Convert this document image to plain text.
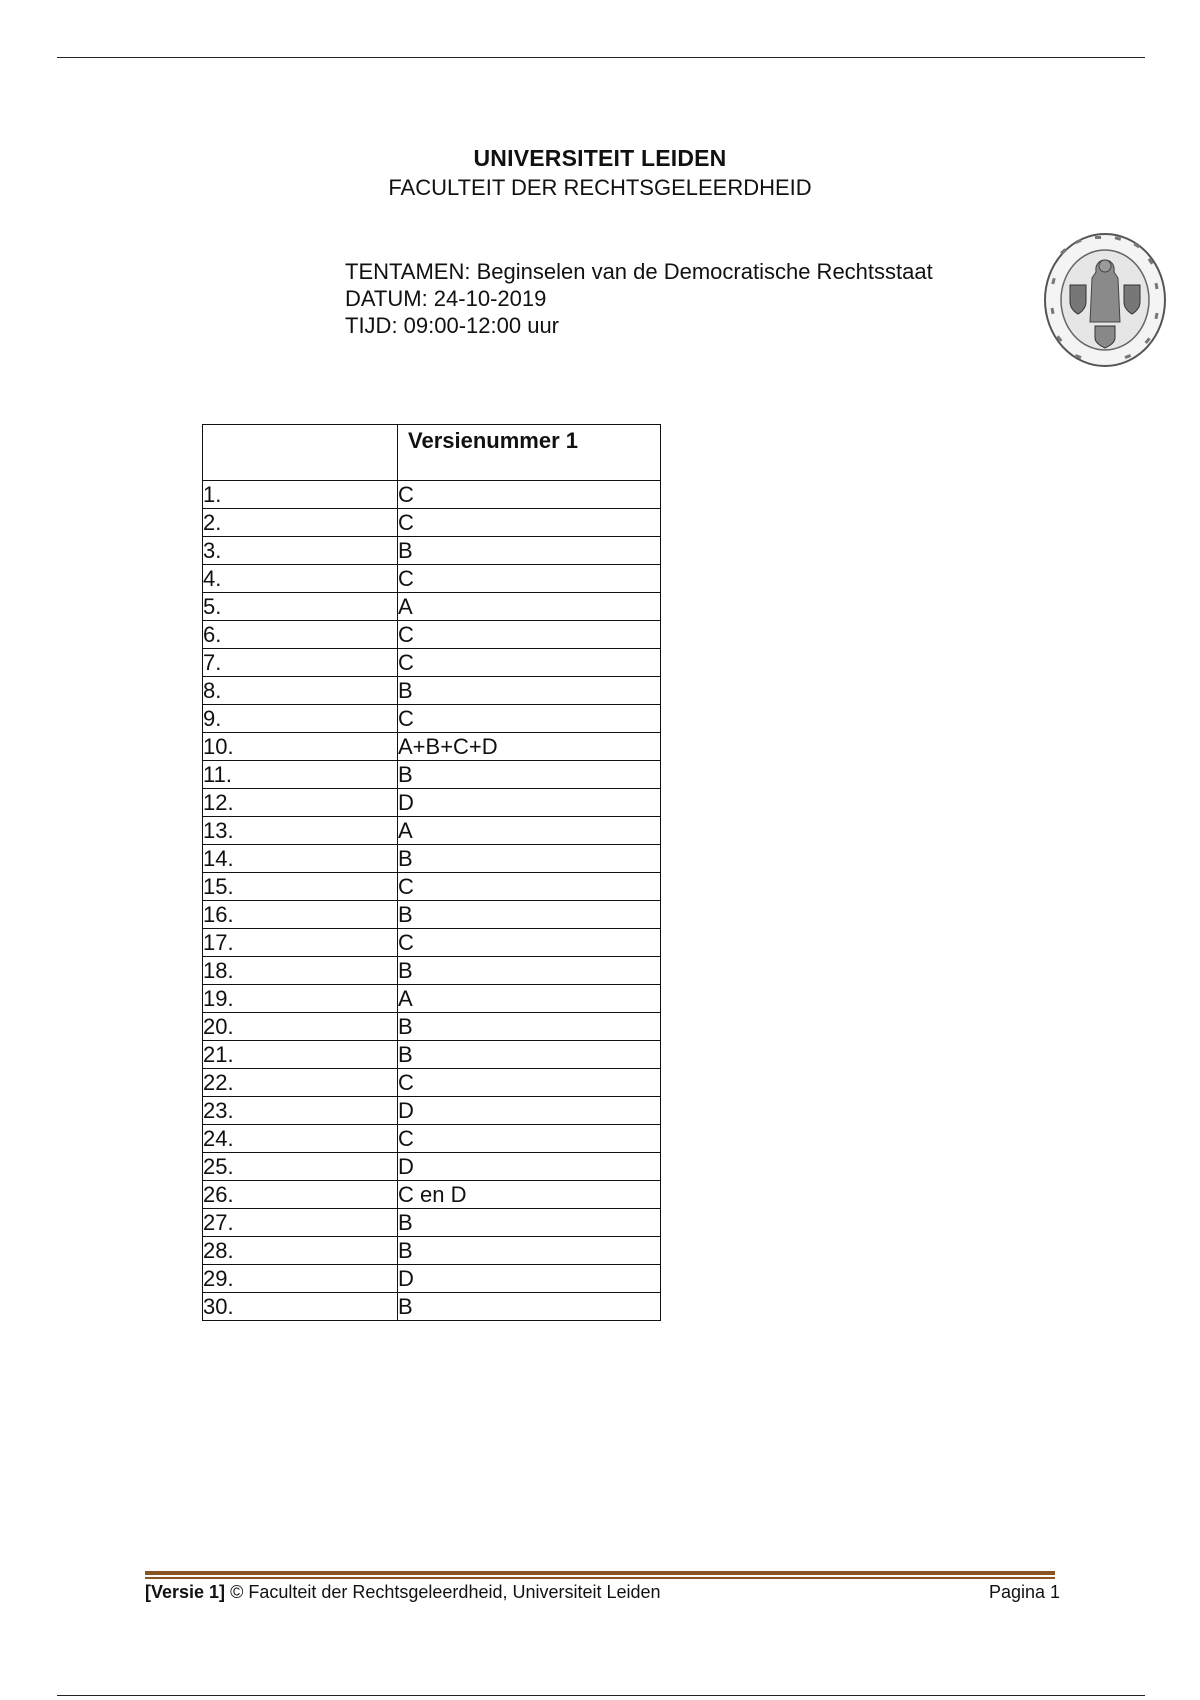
UNIVERSITEIT LEIDEN
FACULTEIT DER RECHTSGELEERDHEID
TENTAMEN: Beginselen van de Democratische Rechtsstaat
DATUM: 24-10-2019
TIJD: 09:00-12:00 uur
	Versienummer 1
1.	C
2.	C
3.	B
4.	C
5.	A
6.	C
7.	C
8.	B
9.	C
10.	A+B+C+D
11.	B
12.	D
13.	A
14.	B
15.	C
16.	B
17.	C
18.	B
19.	A
20.	B
21.	B
22.	C
23.	D
24.	C
25.	D
26.	C en D
27.	B
28.	B
29.	D
30.	B
[Versie 1] © Faculteit der Rechtsgeleerdheid, Universiteit Leiden	Pagina 1
